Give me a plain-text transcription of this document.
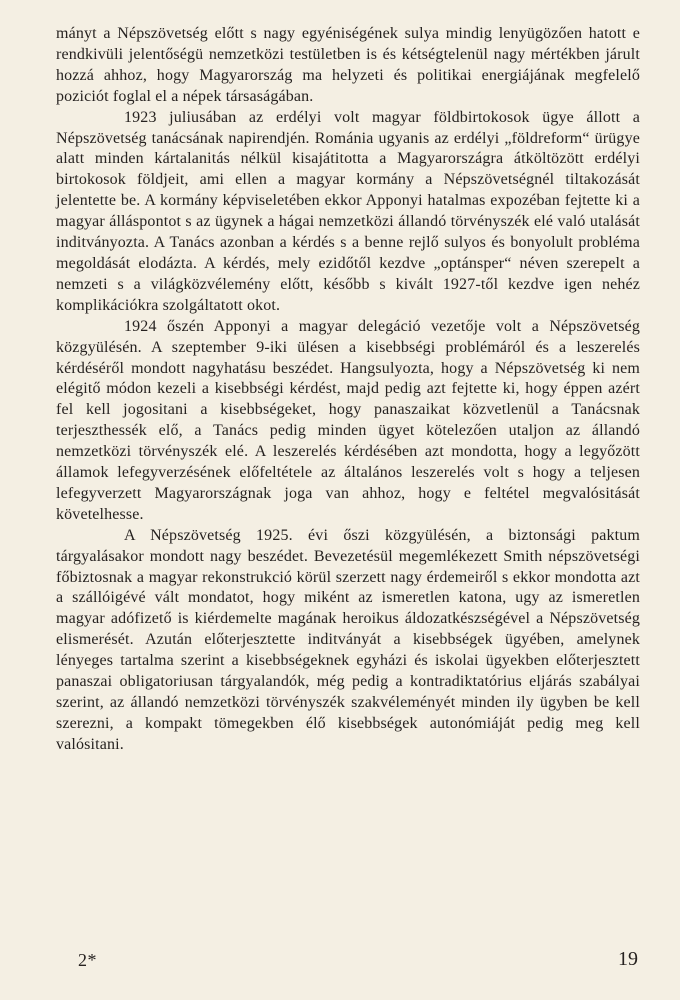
mányt a Népszövetség előtt s nagy egyéniségének sulya mindig lenyügözően hatott e rendkivüli jelentőségü nemzetközi testületben is és kétségtelenül nagy mértékben járult hozzá ahhoz, hogy Magyarország ma helyzeti és politikai energiájának megfelelő poziciót foglal el a népek társaságában.

1923 juliusában az erdélyi volt magyar földbirtokosok ügye állott a Népszövetség tanácsának napirendjén. Románia ugyanis az erdélyi „földreform“ ürügye alatt minden kártalanitás nélkül kisajátitotta a Magyarországra átköltözött erdélyi birtokosok földjeit, ami ellen a magyar kormány a Népszövetségnél tiltakozását jelentette be. A kormány képviseletében ekkor Apponyi hatalmas expozéban fejtette ki a magyar álláspontot s az ügynek a hágai nemzetközi állandó törvényszék elé való utalását inditványozta. A Tanács azonban a kérdés s a benne rejlő sulyos és bonyolult probléma megoldását elodázta. A kérdés, mely ezidőtől kezdve „optánsper“ néven szerepelt a nemzeti s a világközvélemény előtt, később s kivált 1927-től kezdve igen nehéz komplikációkra szolgáltatott okot.

1924 őszén Apponyi a magyar delegáció vezetője volt a Népszövetség közgyülésén. A szeptember 9-iki ülésen a kisebbségi problémáról és a leszerelés kérdéséről mondott nagyhatásu beszédet. Hangsulyozta, hogy a Népszövetség ki nem elégitő módon kezeli a kisebbségi kérdést, majd pedig azt fejtette ki, hogy éppen azért fel kell jogositani a kisebbségeket, hogy panaszaikat közvetlenül a Tanácsnak terjeszthessék elő, a Tanács pedig minden ügyet kötelezően utaljon az állandó nemzetközi törvényszék elé. A leszerelés kérdésében azt mondotta, hogy a legyőzött államok lefegyverzésének előfeltétele az általános leszerelés volt s hogy a teljesen lefegyverzett Magyarországnak joga van ahhoz, hogy e feltétel megvalósitását követelhesse.

A Népszövetség 1925. évi őszi közgyülésén, a biztonsági paktum tárgyalásakor mondott nagy beszédet. Bevezetésül megemlékezett Smith népszövetségi főbiztosnak a magyar rekonstrukció körül szerzett nagy érdemeiről s ekkor mondotta azt a szállóigévé vált mondatot, hogy miként az ismeretlen katona, ugy az ismeretlen magyar adófizető is kiérdemelte magának heroikus áldozatkészségével a Népszövetség elismerését. Azután előterjesztette inditványát a kisebbségek ügyében, amelynek lényeges tartalma szerint a kisebbségeknek egyházi és iskolai ügyekben előterjesztett panaszai obligatoriusan tárgyalandók, még pedig a kontradiktatórius eljárás szabályai szerint, az állandó nemzetközi törvényszék szakvéleményét minden ily ügyben be kell szerezni, a kompakt tömegekben élő kisebbségek autonómiáját pedig meg kell valósitani.

2*	19
